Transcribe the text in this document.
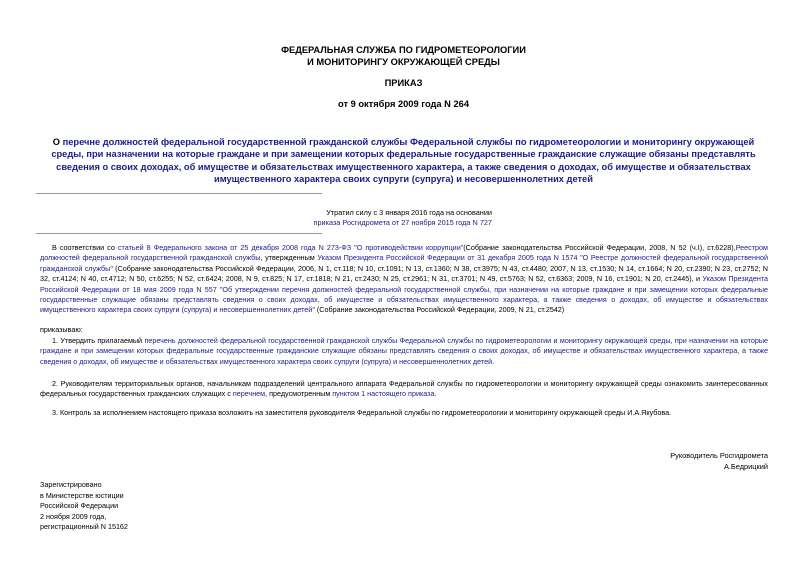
ФЕДЕРАЛЬНАЯ СЛУЖБА ПО ГИДРОМЕТЕОРОЛОГИИ
И МОНИТОРИНГУ ОКРУЖАЮЩЕЙ СРЕДЫ
ПРИКАЗ
от 9 октября 2009 года N 264
О перечне должностей федеральной государственной гражданской службы Федеральной службы по гидрометеорологии и мониторингу окружающей среды, при назначении на которые граждане и при замещении которых федеральные государственные гражданские служащие обязаны представлять сведения о своих доходах, об имуществе и обязательствах имущественного характера, а также сведения о доходах, об имуществе и обязательствах имущественного характера своих супруги (супруга) и несовершеннолетних детей
Утратил силу с 3 января 2016 года на основании
приказа Росгидромета от 27 ноября 2015 года N 727
В соответствии со статьей 8 Федерального закона от 25 декабря 2008 года N 273-ФЗ "О противодействии коррупции"(Собрание законодательства Российской Федерации, 2008, N 52 (ч.I), ст.6228),Реестром должностей федеральной государственной гражданской службы, утвержденным Указом Президента Российской Федерации от 31 декабря 2005 года N 1574 "О Реестре должностей федеральной государственной гражданской службы" (Собрание законодательства Российской Федерации, 2006, N 1, ст.118; N 10, ст.1091; N 13, ст.1360; N 38, ст.3975; N 43, ст.4480; 2007, N 13, ст.1530; N 14, ст.1664; N 20, ст.2390; N 23, ст.2752; N 32, ст.4124; N 40, ст.4712; N 50, ст.6255; N 52, ст.6424; 2008, N 9, ст.825; N 17, ст.1818; N 21, ст.2430; N 25, ст.2961; N 31, ст.3701; N 49, ст.5763; N 52, ст.6363; 2009, N 16, ст.1901; N 20, ст.2445), и Указом Президента Российской Федерации от 18 мая 2009 года N 557 "Об утверждении перечня должностей федеральной государственной службы, при назначении на которые граждане и при замещении которых федеральные государственные служащие обязаны представлять сведения о своих доходах, об имуществе и обязательствах имущественного характера, а также сведения о доходах, об имуществе и обязательствах имущественного характера своих супруги (супруга) и несовершеннолетних детей" (Собрание законодательства Российской Федерации, 2009, N 21, ст.2542)
приказываю:
1. Утвердить прилагаемый перечень должностей федеральной государственной гражданской службы Федеральной службы по гидрометеорологии и мониторингу окружающей среды, при назначении на которые граждане и при замещении которых федеральные государственные гражданские служащие обязаны представлять сведения о своих доходах, об имуществе и обязательствах имущественного характера, а также сведения о доходах, об имуществе и обязательствах имущественного характера своих супруги (супруга) и несовершеннолетних детей.
2. Руководителям территориальных органов, начальникам подразделений центрального аппарата Федеральной службы по гидрометеорологии и мониторингу окружающей среды ознакомить заинтересованных федеральных государственных гражданских служащих с перечнем, предусмотренным пунктом 1 настоящего приказа.
3. Контроль за исполнением настоящего приказа возложить на заместителя руководителя Федеральной службы по гидрометеорологии и мониторингу окружающей среды И.А.Якубова.
Руководитель Росгидромета
А.Бедрицкий
Зарегистрировано
в Министерстве юстиции
Российской Федерации
2 ноября 2009 года,
регистрационный N 15162
